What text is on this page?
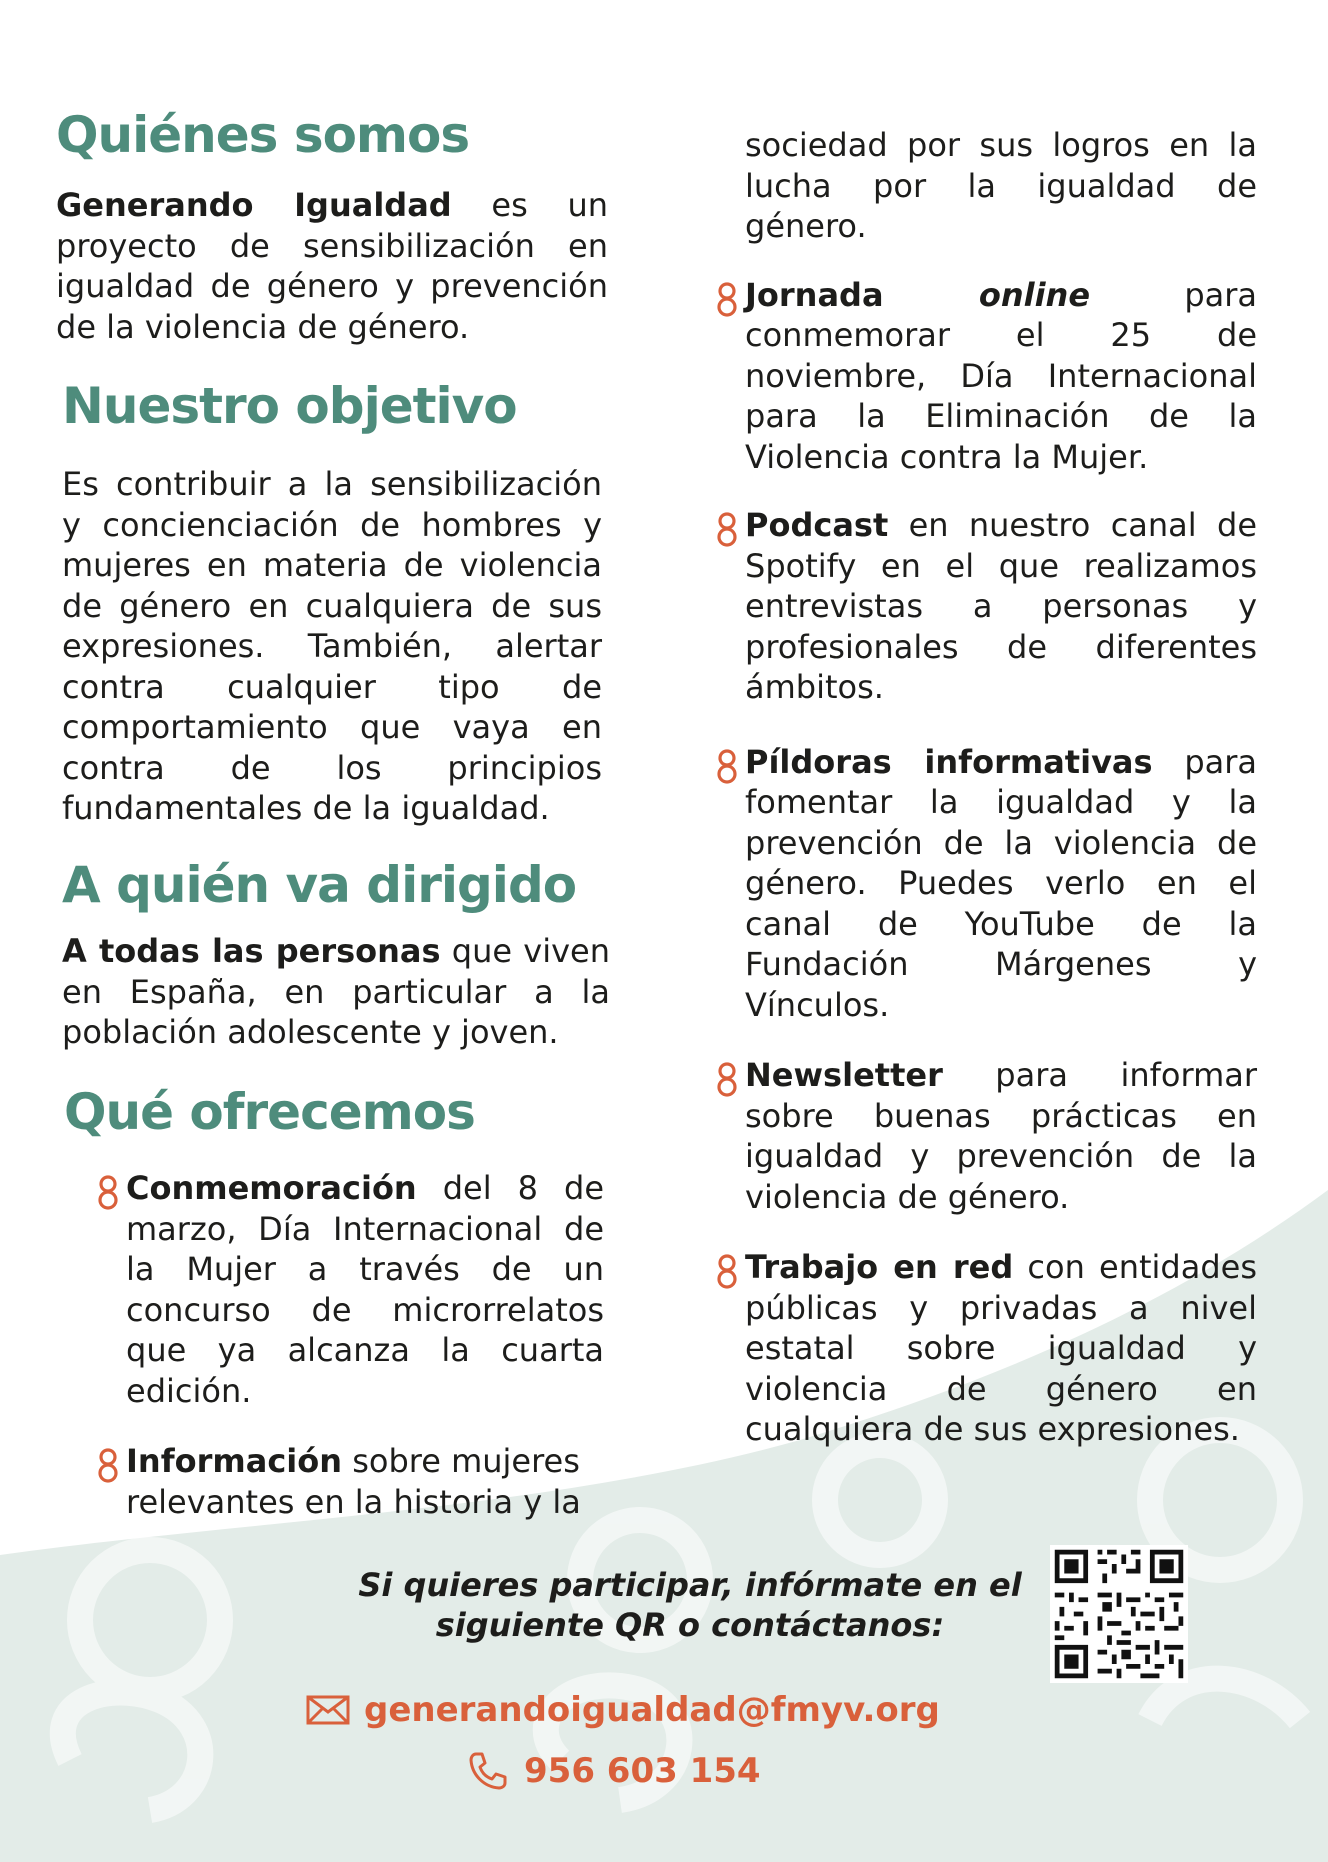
Quiénes somos

Generando Igualdad es un proyecto de sensibilización en igualdad de género y prevención de la violencia de género.

Nuestro objetivo

Es contribuir a la sensibilización y concienciación de hombres y mujeres en materia de violencia de género en cualquiera de sus expresiones. También, alertar contra cualquier tipo de comportamiento que vaya en contra de los principios fundamentales de la igualdad.

A quién va dirigido

A todas las personas que viven en España, en particular a la población adolescente y joven.

Qué ofrecemos

Conmemoración del 8 de marzo, Día Internacional de la Mujer a través de un concurso de microrrelatos que ya alcanza la cuarta edición.

Información sobre mujeres relevantes en la historia y la

sociedad por sus logros en la lucha por la igualdad de género.

Jornada online para conmemorar el 25 de noviembre, Día Internacional para la Eliminación de la Violencia contra la Mujer.

Podcast en nuestro canal de Spotify en el que realizamos entrevistas a personas y profesionales de diferentes ámbitos.

Píldoras informativas para fomentar la igualdad y la prevención de la violencia de género. Puedes verlo en el canal de YouTube de la Fundación Márgenes y Vínculos.

Newsletter para informar sobre buenas prácticas en igualdad y prevención de la violencia de género.

Trabajo en red con entidades públicas y privadas a nivel estatal sobre igualdad y violencia de género en cualquiera de sus expresiones.

Si quieres participar, infórmate en el siguiente QR o contáctanos:
generandoigualdad@fmyv.org
956 603 154
